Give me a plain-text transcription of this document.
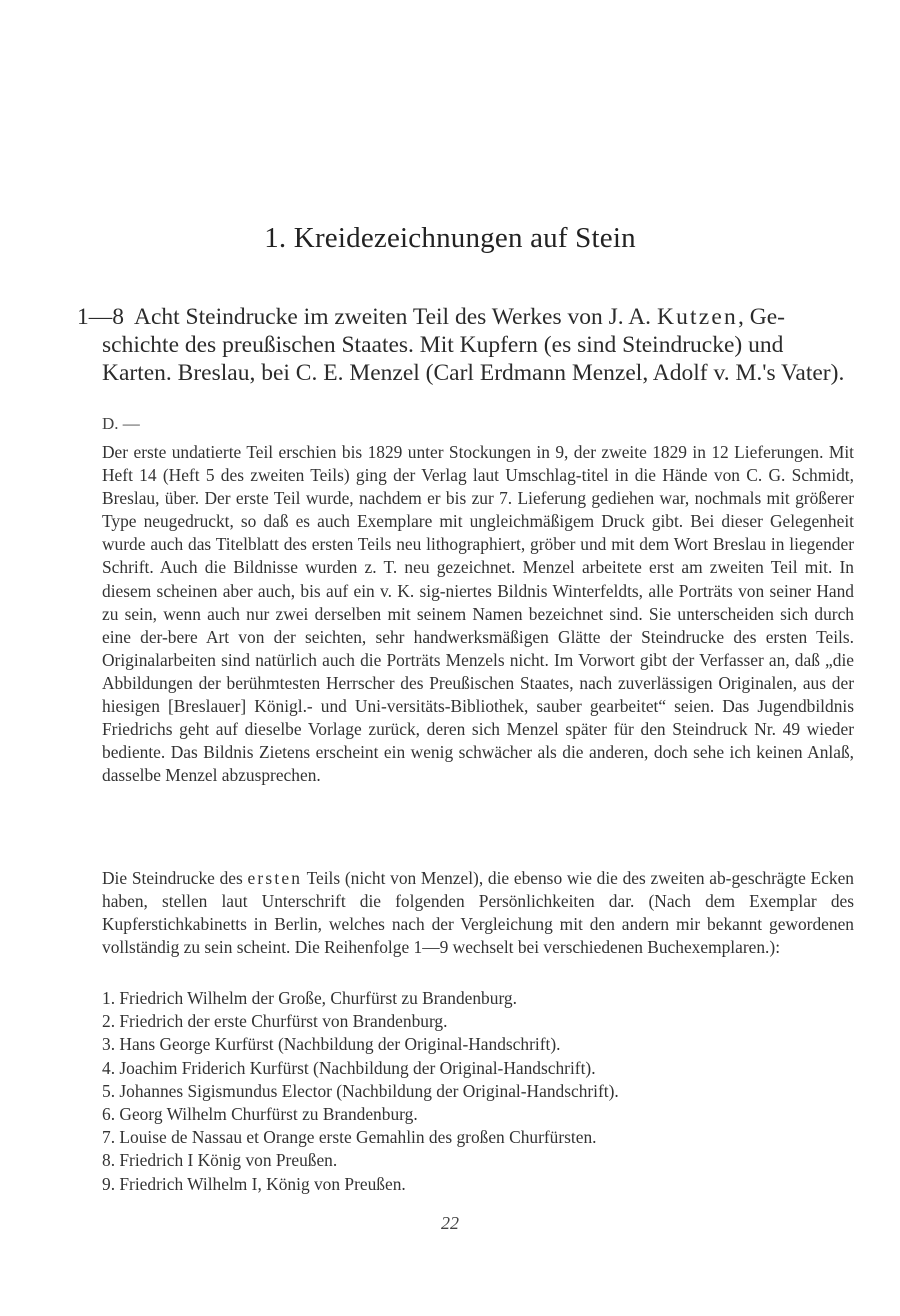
1. Kreidezeichnungen auf Stein
1—8 Acht Steindrucke im zweiten Teil des Werkes von J. A. Kutzen, Ge-
schichte des preußischen Staates. Mit Kupfern (es sind Steindrucke) und Karten. Breslau, bei C. E. Menzel (Carl Erdmann Menzel, Adolf v. M.'s Vater).
D. —
Der erste undatierte Teil erschien bis 1829 unter Stockungen in 9, der zweite 1829 in 12 Lieferungen. Mit Heft 14 (Heft 5 des zweiten Teils) ging der Verlag laut Umschlag-titel in die Hände von C. G. Schmidt, Breslau, über. Der erste Teil wurde, nachdem er bis zur 7. Lieferung gediehen war, nochmals mit größerer Type neugedruckt, so daß es auch Exemplare mit ungleichmäßigem Druck gibt. Bei dieser Gelegenheit wurde auch das Titelblatt des ersten Teils neu lithographiert, gröber und mit dem Wort Breslau in liegender Schrift. Auch die Bildnisse wurden z. T. neu gezeichnet. Menzel arbeitete erst am zweiten Teil mit. In diesem scheinen aber auch, bis auf ein v. K. sig-niertes Bildnis Winterfeldts, alle Porträts von seiner Hand zu sein, wenn auch nur zwei derselben mit seinem Namen bezeichnet sind. Sie unterscheiden sich durch eine der-bere Art von der seichten, sehr handwerksmäßigen Glätte der Steindrucke des ersten Teils. Originalarbeiten sind natürlich auch die Porträts Menzels nicht. Im Vorwort gibt der Verfasser an, daß „die Abbildungen der berühmtesten Herrscher des Preußischen Staates, nach zuverlässigen Originalen, aus der hiesigen [Breslauer] Königl.- und Uni-versitäts-Bibliothek, sauber gearbeitet“ seien. Das Jugendbildnis Friedrichs geht auf dieselbe Vorlage zurück, deren sich Menzel später für den Steindruck Nr. 49 wieder bediente. Das Bildnis Zietens erscheint ein wenig schwächer als die anderen, doch sehe ich keinen Anlaß, dasselbe Menzel abzusprechen.
Die Steindrucke des ersten Teils (nicht von Menzel), die ebenso wie die des zweiten ab-geschrägte Ecken haben, stellen laut Unterschrift die folgenden Persönlichkeiten dar. (Nach dem Exemplar des Kupferstichkabinetts in Berlin, welches nach der Vergleichung mit den andern mir bekannt gewordenen vollständig zu sein scheint. Die Reihenfolge 1—9 wechselt bei verschiedenen Buchexemplaren.):
1. Friedrich Wilhelm der Große, Churfürst zu Brandenburg.
2. Friedrich der erste Churfürst von Brandenburg.
3. Hans George Kurfürst (Nachbildung der Original-Handschrift).
4. Joachim Friderich Kurfürst (Nachbildung der Original-Handschrift).
5. Johannes Sigismundus Elector (Nachbildung der Original-Handschrift).
6. Georg Wilhelm Churfürst zu Brandenburg.
7. Louise de Nassau et Orange erste Gemahlin des großen Churfürsten.
8. Friedrich I König von Preußen.
9. Friedrich Wilhelm I, König von Preußen.
22
